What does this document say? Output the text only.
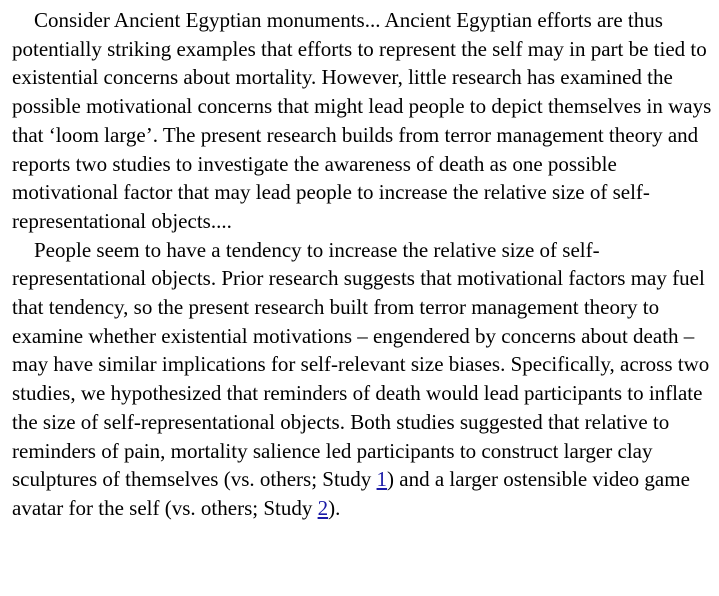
Consider Ancient Egyptian monuments... Ancient Egyptian efforts are thus potentially striking examples that efforts to represent the self may in part be tied to existential concerns about mortality. However, little research has examined the possible motivational concerns that might lead people to depict themselves in ways that ‘loom large’. The present research builds from terror management theory and reports two studies to investigate the awareness of death as one possible motivational factor that may lead people to increase the relative size of self-representational objects....

People seem to have a tendency to increase the relative size of self-representational objects. Prior research suggests that motivational factors may fuel that tendency, so the present research built from terror management theory to examine whether existential motivations – engendered by concerns about death – may have similar implications for self-relevant size biases. Specifically, across two studies, we hypothesized that reminders of death would lead participants to inflate the size of self-representational objects. Both studies suggested that relative to reminders of pain, mortality salience led participants to construct larger clay sculptures of themselves (vs. others; Study 1) and a larger ostensible video game avatar for the self (vs. others; Study 2).
